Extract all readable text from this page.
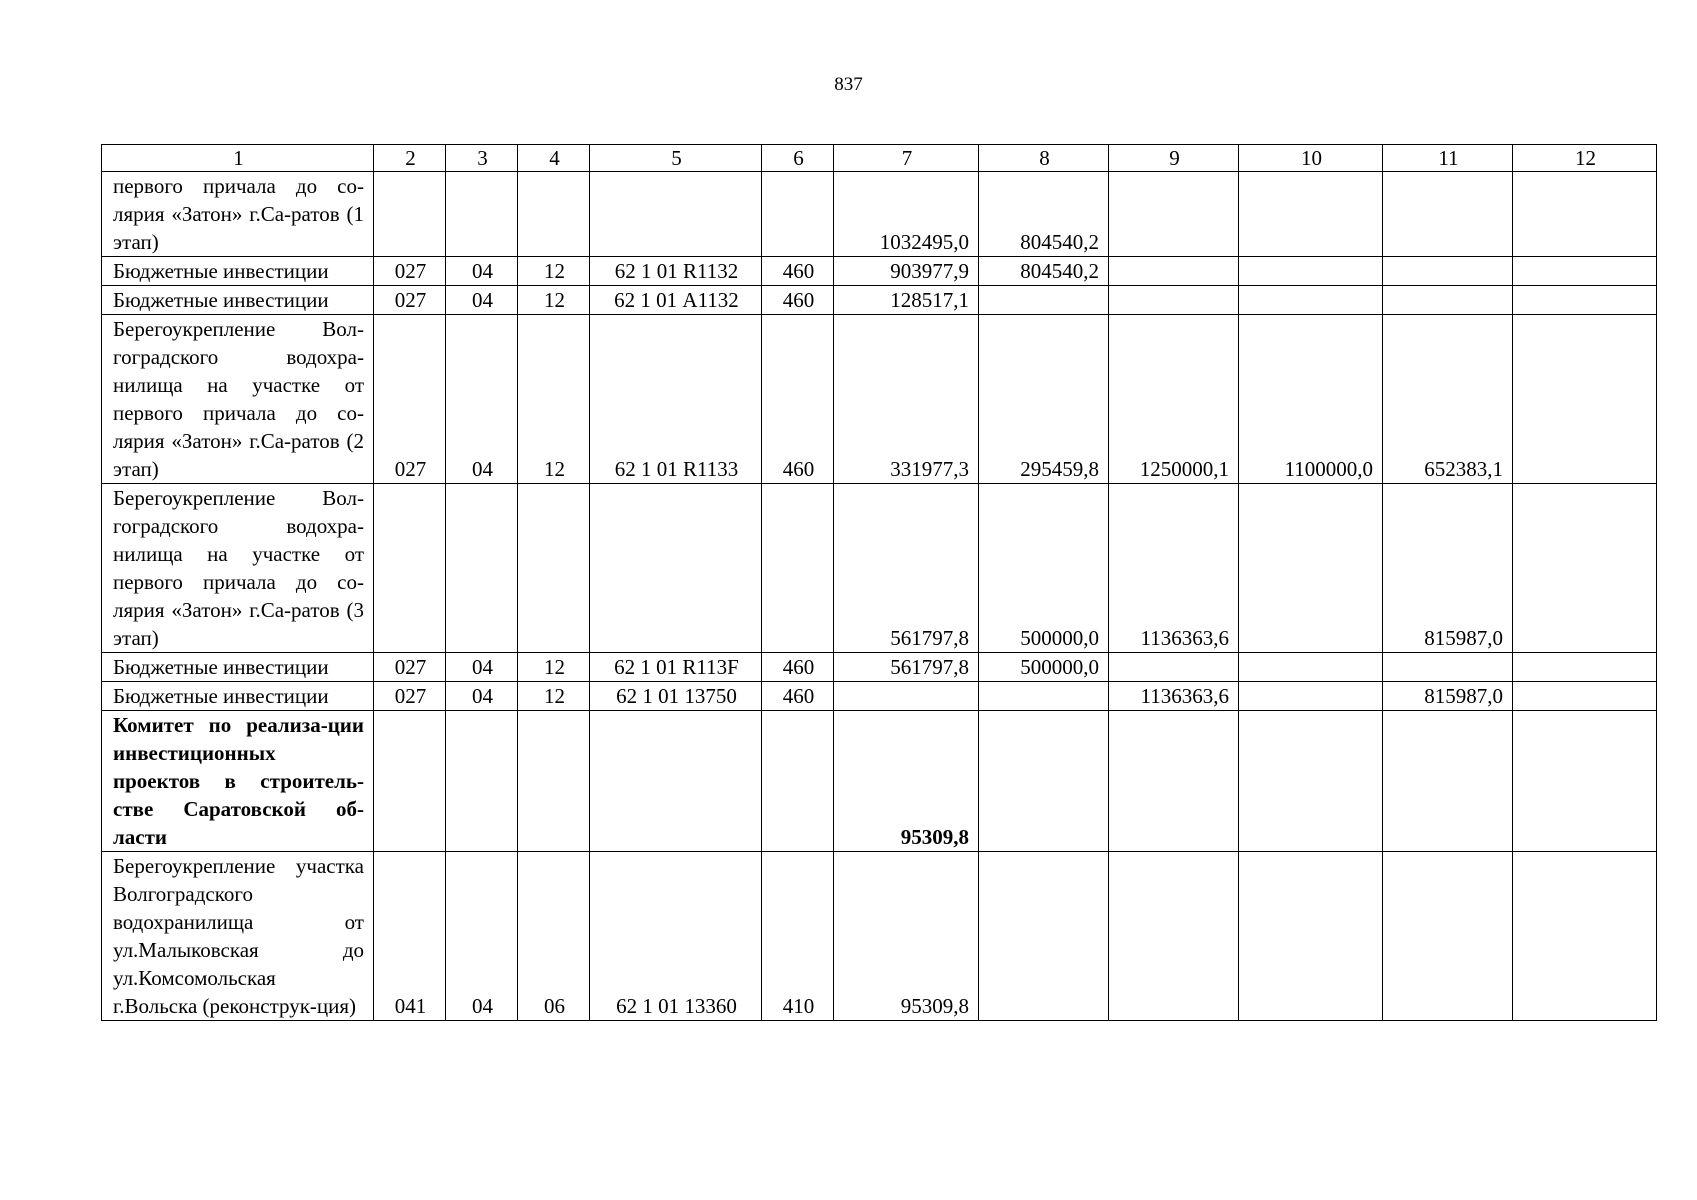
837
1	2	3	4	5	6	7	8	9	10	11	12
первого причала до со-лярия «Затон» г.Са-ратов (1 этап)						1032495,0	804540,2				
Бюджетные инвестиции	027	04	12	62 1 01 R1132	460	903977,9	804540,2				
Бюджетные инвестиции	027	04	12	62 1 01 А1132	460	128517,1					
Берегоукрепление Вол-гоградского водохра-нилища на участке от первого причала до со-лярия «Затон» г.Са-ратов (2 этап)	027	04	12	62 1 01 R1133	460	331977,3	295459,8	1250000,1	1100000,0	652383,1	
Берегоукрепление Вол-гоградского водохра-нилища на участке от первого причала до со-лярия «Затон» г.Са-ратов (3 этап)						561797,8	500000,0	1136363,6		815987,0	
Бюджетные инвестиции	027	04	12	62 1 01 R113F	460	561797,8	500000,0				
Бюджетные инвестиции	027	04	12	62 1 01 13750	460			1136363,6		815987,0	
Комитет по реализа-ции инвестиционных проектов в строитель-стве Саратовской об-ласти						95309,8					
Берегоукрепление участка Волгоградского водохранилища от ул.Малыковская до ул.Комсомольская г.Вольска (реконструк-ция)	041	04	06	62 1 01 13360	410	95309,8					
